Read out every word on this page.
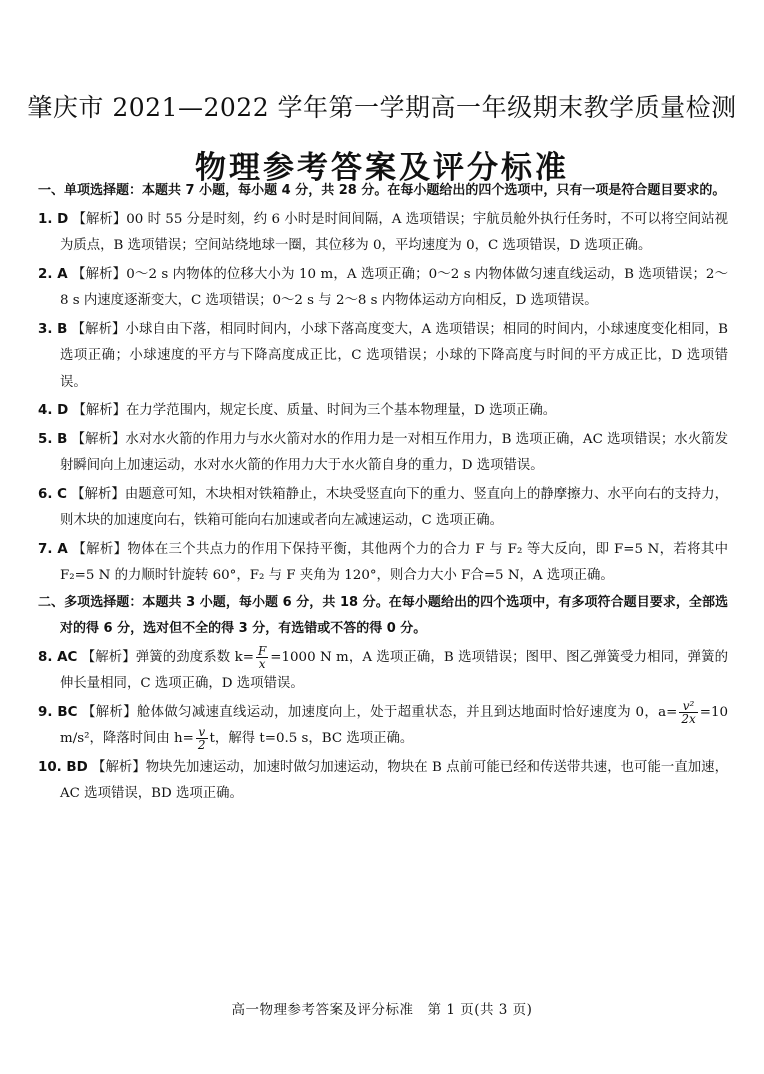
肇庆市 2021—2022 学年第一学期高一年级期末教学质量检测
物理参考答案及评分标准

一、单项选择题：本题共 7 小题，每小题 4 分，共 28 分。在每小题给出的四个选项中，只有一项是符合题目要求的。

1. D 【解析】00 时 55 分是时刻，约 6 小时是时间间隔，A 选项错误；宇航员舱外执行任务时，不可以将空间站视为质点，B 选项错误；空间站绕地球一圈，其位移为 0，平均速度为 0，C 选项错误，D 选项正确。

2. A 【解析】0～2 s 内物体的位移大小为 10 m，A 选项正确；0～2 s 内物体做匀速直线运动，B 选项错误；2～8 s 内速度逐渐变大，C 选项错误；0～2 s 与 2～8 s 内物体运动方向相反，D 选项错误。

3. B 【解析】小球自由下落，相同时间内，小球下落高度变大，A 选项错误；相同的时间内，小球速度变化相同，B 选项正确；小球速度的平方与下降高度成正比，C 选项错误；小球的下降高度与时间的平方成正比，D 选项错误。

4. D 【解析】在力学范围内，规定长度、质量、时间为三个基本物理量，D 选项正确。

5. B 【解析】水对水火箭的作用力与水火箭对水的作用力是一对相互作用力，B 选项正确，AC 选项错误；水火箭发射瞬间向上加速运动，水对水火箭的作用力大于水火箭自身的重力，D 选项错误。

6. C 【解析】由题意可知，木块相对铁箱静止，木块受竖直向下的重力、竖直向上的静摩擦力、水平向右的支持力，则木块的加速度向右，铁箱可能向右加速或者向左减速运动，C 选项正确。

7. A 【解析】物体在三个共点力的作用下保持平衡，其他两个力的合力 F 与 F₂ 等大反向，即 F=5 N，若将其中 F₂=5 N 的力顺时针旋转 60°，F₂ 与 F 夹角为 120°，则合力大小 F合=5 N，A 选项正确。

二、多项选择题：本题共 3 小题，每小题 6 分，共 18 分。在每小题给出的四个选项中，有多项符合题目要求，全部选对的得 6 分，选对但不全的得 3 分，有选错或不答的得 0 分。

8. AC 【解析】弹簧的劲度系数 $k= \frac{F}{x} =1000$ N m，A 选项正确，B 选项错误；图甲、图乙弹簧受力相同，弹簧的伸长量相同，C 选项正确，D 选项错误。

9. BC 【解析】舱体做匀减速直线运动，加速度向上，处于超重状态，并且到达地面时恰好速度为 0，$a= \frac{\text{v²}}{2x} =10$ m/s²，降落时间由 $h= \frac{v}{2}$ t，解得 t=0.5 s，BC 选项正确。

10. BD 【解析】物块先加速运动，加速时做匀加速运动，物块在 B 点前可能已经和传送带共速，也可能一直加速，AC 选项错误，BD 选项正确。

高一物理参考答案及评分标准　第 1 页(共 3 页)
